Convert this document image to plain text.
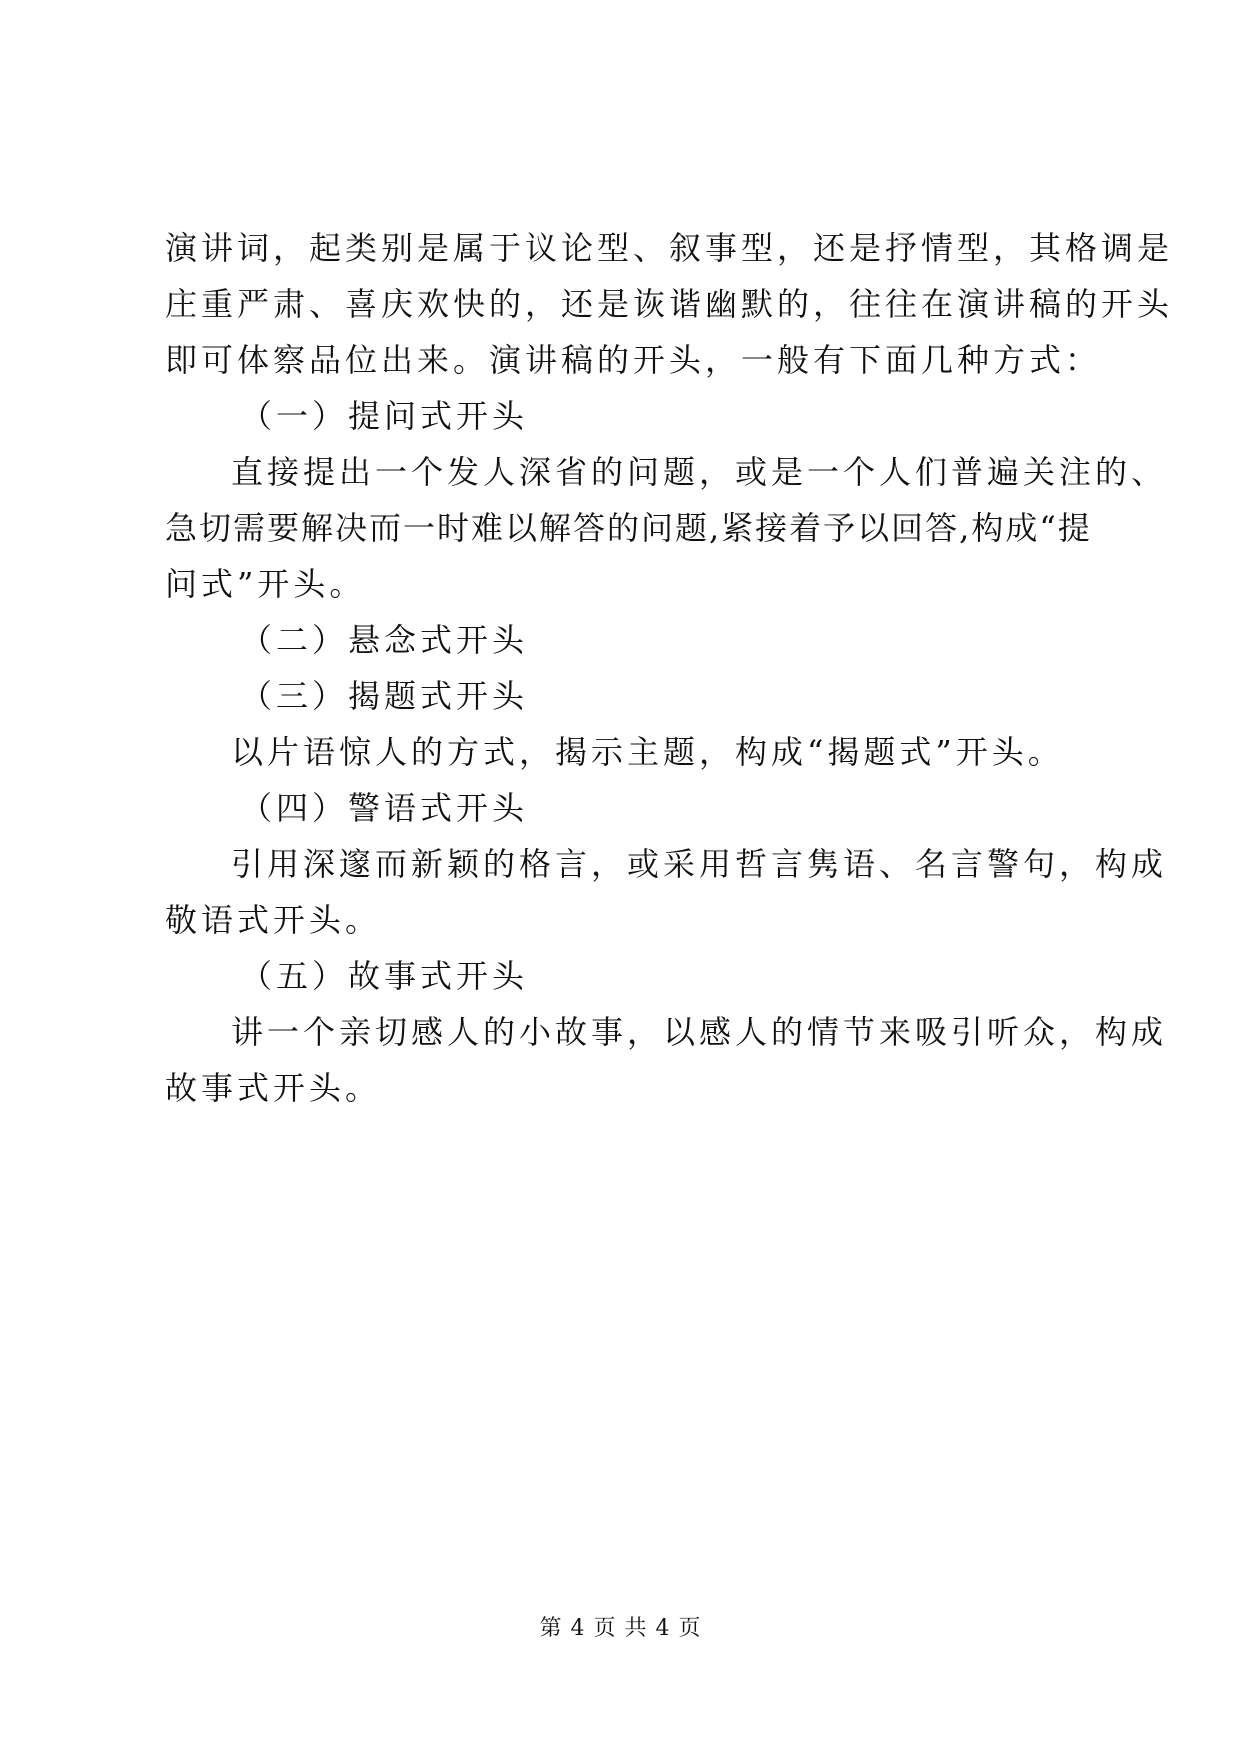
演讲词，起类别是属于议论型、叙事型，还是抒情型，其格调是
庄重严肃、喜庆欢快的，还是诙谐幽默的，往往在演讲稿的开头
即可体察品位出来。演讲稿的开头，一般有下面几种方式：
（一）提问式开头
直接提出一个发人深省的问题，或是一个人们普遍关注的、
急切需要解决而一时难以解答的问题,紧接着予以回答,构成“提
问式”开头。
（二）悬念式开头
（三）揭题式开头
以片语惊人的方式，揭示主题，构成“揭题式”开头。
（四）警语式开头
引用深邃而新颖的格言，或采用哲言隽语、名言警句，构成
敬语式开头。
（五）故事式开头
讲一个亲切感人的小故事，以感人的情节来吸引听众，构成
故事式开头。
第 4 页 共 4 页
